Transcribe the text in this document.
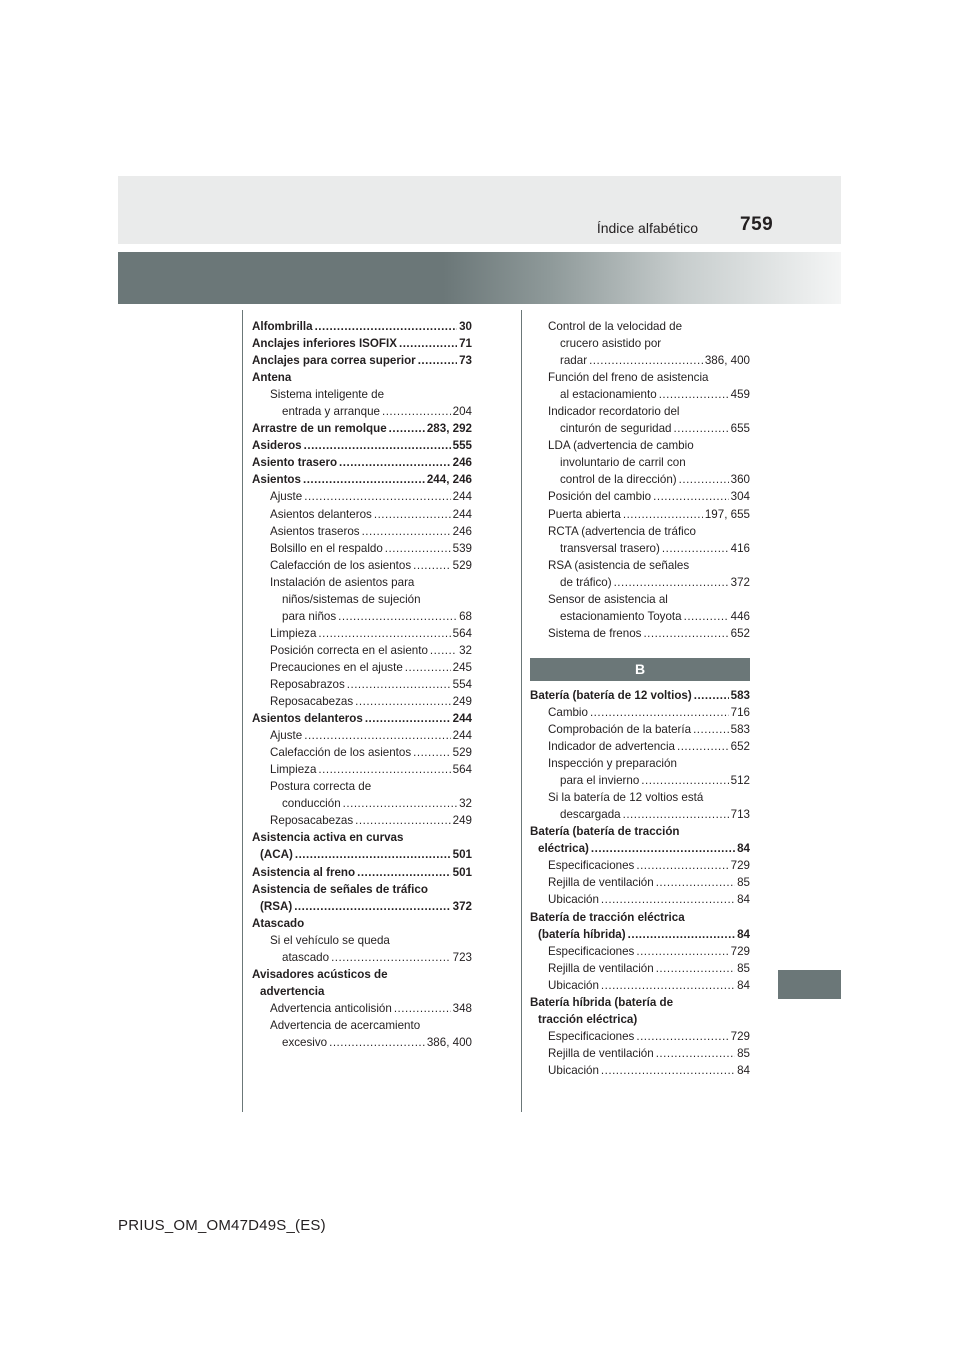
Índice alfabético 759
Alfombrilla .....	30
Anclajes inferiores ISOFIX .....	71
Anclajes para correa superior .....	73
Antena
Sistema inteligente de
entrada y arranque .....	204
Arrastre de un remolque .....	283, 292
Asideros .....	555
Asiento trasero .....	246
Asientos .....	244, 246
Ajuste .....	244
Asientos delanteros .....	244
Asientos traseros .....	246
Bolsillo en el respaldo .....	539
Calefacción de los asientos .....	529
Instalación de asientos para
niños/sistemas de sujeción
para niños .....	68
Limpieza .....	564
Posición correcta en el asiento .....	32
Precauciones en el ajuste .....	245
Reposabrazos .....	554
Reposacabezas .....	249
Asientos delanteros .....	244
Ajuste .....	244
Calefacción de los asientos .....	529
Limpieza .....	564
Postura correcta de
conducción .....	32
Reposacabezas .....	249
Asistencia activa en curvas
(ACA) .....	501
Asistencia al freno .....	501
Asistencia de señales de tráfico
(RSA) .....	372
Atascado
Si el vehículo se queda
atascado .....	723
Avisadores acústicos de
advertencia
Advertencia anticolisión .....	348
Advertencia de acercamiento
excesivo .....	386, 400
Control de la velocidad de
crucero asistido por
radar .....	386, 400
Función del freno de asistencia
al estacionamiento .....	459
Indicador recordatorio del
cinturón de seguridad .....	655
LDA (advertencia de cambio
involuntario de carril con
control de la dirección) .....	360
Posición del cambio .....	304
Puerta abierta .....	197, 655
RCTA (advertencia de tráfico
transversal trasero) .....	416
RSA (asistencia de señales
de tráfico) .....	372
Sensor de asistencia al
estacionamiento Toyota .....	446
Sistema de frenos .....	652
B
Batería (batería de 12 voltios) .....	583
Cambio .....	716
Comprobación de la batería .....	583
Indicador de advertencia .....	652
Inspección y preparación
para el invierno .....	512
Si la batería de 12 voltios está
descargada .....	713
Batería (batería de tracción
eléctrica) .....	84
Especificaciones .....	729
Rejilla de ventilación .....	85
Ubicación .....	84
Batería de tracción eléctrica
(batería híbrida) .....	84
Especificaciones .....	729
Rejilla de ventilación .....	85
Ubicación .....	84
Batería híbrida (batería de
tracción eléctrica)
Especificaciones .....	729
Rejilla de ventilación .....	85
Ubicación .....	84
PRIUS_OM_OM47D49S_(ES)
